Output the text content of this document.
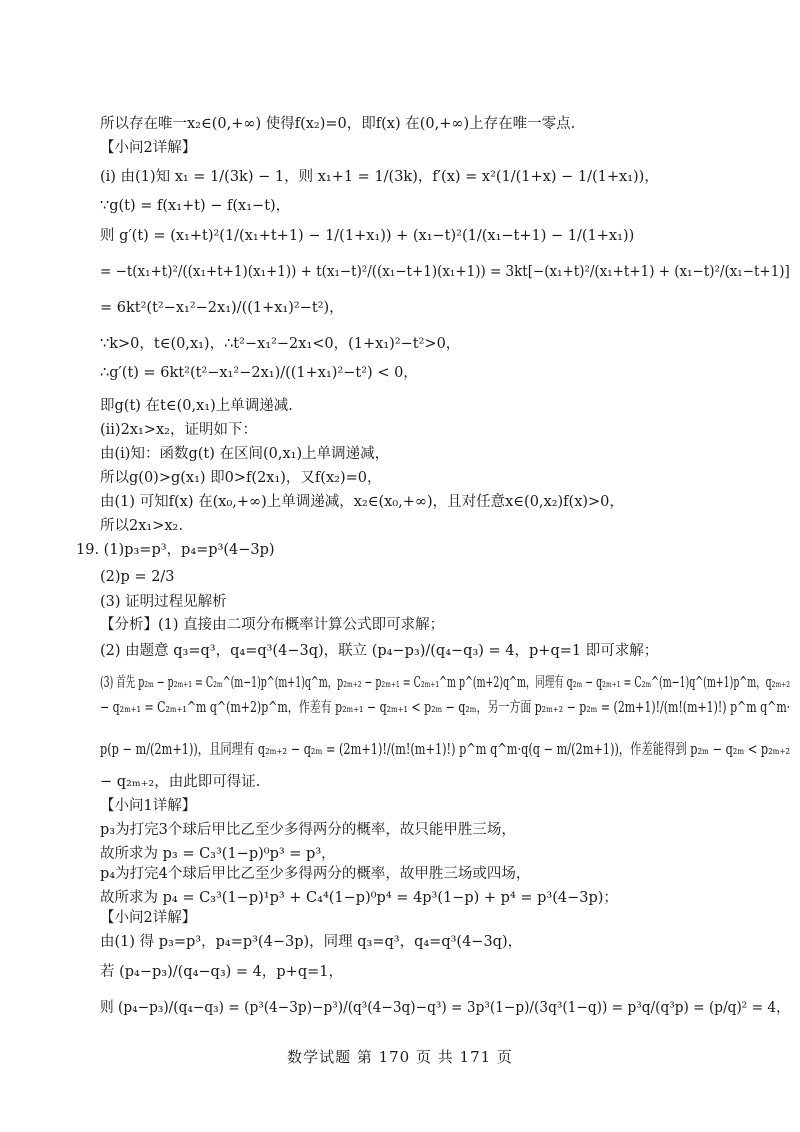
所以存在唯一x₂∈(0,+∞) 使得f(x₂)=0，即f(x) 在(0,+∞)上存在唯一零点.
【小问2详解】
(i) 由(1)知 x₁ = 1/(3k) − 1，则 x₁+1 = 1/(3k)，f′(x) = x²(1/(1+x) − 1/(1+x₁))，
∵g(t) = f(x₁+t) − f(x₁−t)，
则 g′(t) = (x₁+t)²(1/(x₁+t+1) − 1/(1+x₁)) + (x₁−t)²(1/(x₁−t+1) − 1/(1+x₁))
= −t(x₁+t)²/((x₁+t+1)(x₁+1)) + t(x₁−t)²/((x₁−t+1)(x₁+1)) = 3kt[−(x₁+t)²/(x₁+t+1) + (x₁−t)²/(x₁−t+1)]
= 6kt²(t²−x₁²−2x₁)/((1+x₁)²−t²)，
∵k>0，t∈(0,x₁)，∴t²−x₁²−2x₁<0，(1+x₁)²−t²>0，
∴g′(t) = 6kt²(t²−x₁²−2x₁)/((1+x₁)²−t²) < 0，
即g(t) 在t∈(0,x₁)上单调递减.
(ii)2x₁>x₂，证明如下：
由(i)知：函数g(t) 在区间(0,x₁)上单调递减，
所以g(0)>g(x₁) 即0>f(2x₁)，又f(x₂)=0，
由(1) 可知f(x) 在(x₀,+∞)上单调递减，x₂∈(x₀,+∞)，且对任意x∈(0,x₂)f(x)>0，
所以2x₁>x₂.
19. (1)p₃=p³，p₄=p³(4−3p)
(2)p = 2/3
(3) 证明过程见解析
【分析】(1) 直接由二项分布概率计算公式即可求解；
(2) 由题意 q₃=q³，q₄=q³(4−3q)，联立 (p₄−p₃)/(q₄−q₃) = 4，p+q=1 即可求解；
(3) 首先 p₂ₘ − p₂ₘ₊₁ = C₂ₘ^(m−1)p^(m+1)q^m，p₂ₘ₊₂ − p₂ₘ₊₁ = C₂ₘ₊₁^m p^(m+2)q^m，同理有 q₂ₘ − q₂ₘ₊₁ = C₂ₘ^(m−1)q^(m+1)p^m，q₂ₘ₊₂
− q₂ₘ₊₁ = C₂ₘ₊₁^m q^(m+2)p^m，作差有 p₂ₘ₊₁ − q₂ₘ₊₁ < p₂ₘ − q₂ₘ，另一方面 p₂ₘ₊₂ − p₂ₘ = (2m+1)!/(m!(m+1)!) p^m q^m·
p(p − m/(2m+1))，且同理有 q₂ₘ₊₂ − q₂ₘ = (2m+1)!/(m!(m+1)!) p^m q^m·q(q − m/(2m+1))，作差能得到 p₂ₘ − q₂ₘ < p₂ₘ₊₂
− q₂ₘ₊₂，由此即可得证.
【小问1详解】
p₃为打完3个球后甲比乙至少多得两分的概率，故只能甲胜三场，
故所求为 p₃ = C₃³(1−p)⁰p³ = p³，
p₄为打完4个球后甲比乙至少多得两分的概率，故甲胜三场或四场，
故所求为 p₄ = C₃³(1−p)¹p³ + C₄⁴(1−p)⁰p⁴ = 4p³(1−p) + p⁴ = p³(4−3p)；
【小问2详解】
由(1) 得 p₃=p³，p₄=p³(4−3p)，同理 q₃=q³，q₄=q³(4−3q)，
若 (p₄−p₃)/(q₄−q₃) = 4，p+q=1，
则 (p₄−p₃)/(q₄−q₃) = (p³(4−3p)−p³)/(q³(4−3q)−q³) = 3p³(1−p)/(3q³(1−q)) = p³q/(q³p) = (p/q)² = 4，
数学试题 第 170 页 共 171 页
